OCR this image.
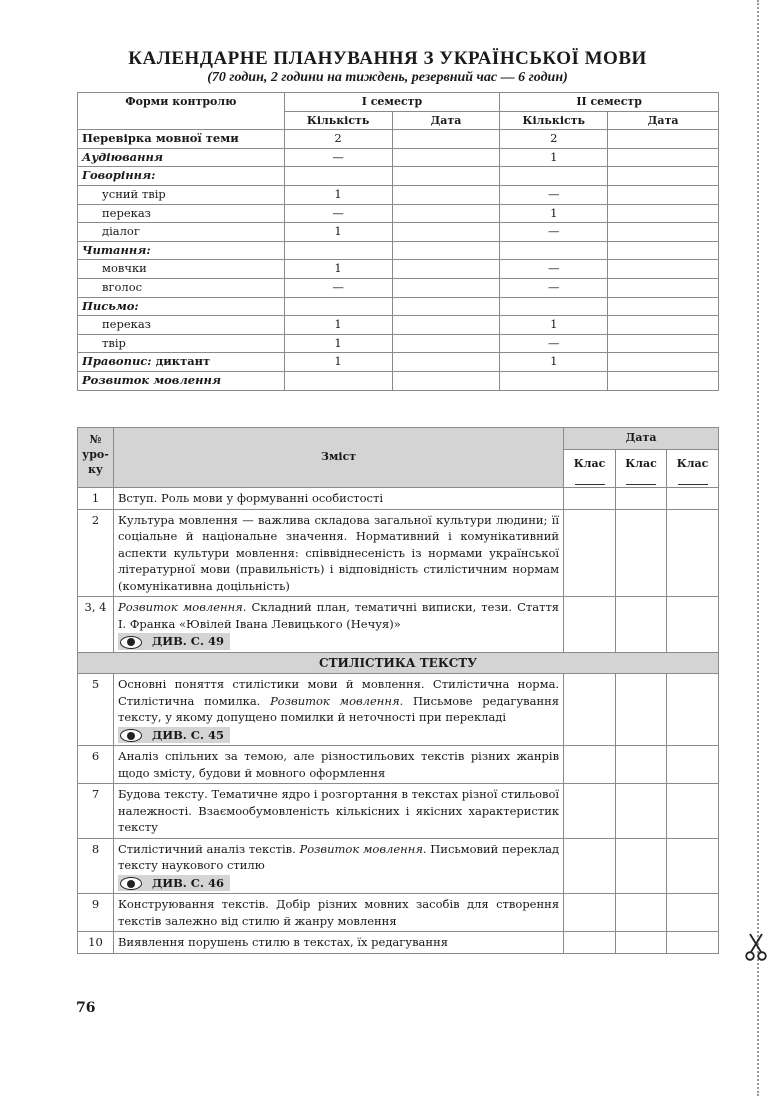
КАЛЕНДАРНЕ ПЛАНУВАННЯ З УКРАЇНСЬКОЇ МОВИ
(70 годин, 2 години на тиждень, резервний час — 6 годин)
Форми контролю	І семестр		ІІ семестр	
	Кількість	Дата	Кількість	Дата
Перевірка мовної теми	2		2	
Аудіювання	—		1	
Говоріння:				
усний твір	1		—	
переказ	—		1	
діалог	1		—	
Читання:				
мовчки	1		—	
вголос	—		—	
Письмо:				
переказ	1		1	
твір	1		—	
Правопис: диктант	1		1	
Розвиток мовлення				
№ уро-ку	Зміст	Дата		
		Клас	Клас	Клас

1	Вступ. Роль мови у формуванні особистості			
2	Культура мовлення — важлива складова загальної культури людини; її соціальне й національне значення. Нормативний і комунікативний аспекти культури мовлення: співвіднесеність із нормами української літературної мови (правильність) і відповідність стилістичним нормам (комунікативна доцільність)			
3, 4	Розвиток мовлення. Складний план, тематичні виписки, тези. Стаття І. Франка «Ювілей Івана Левицького (Нечуя)»
ДИВ. С. 49			
СТИЛІСТИКА ТЕКСТУ				
5	Основні поняття стилістики мови й мовлення. Стилістична норма. Стилістична помилка. Розвиток мовлення. Письмове редагування тексту, у якому допущено помилки й неточності при перекладі
ДИВ. С. 45			
6	Аналіз спільних за темою, але різностильових текстів різних жанрів щодо змісту, будови й мовного оформлення			
7	Будова тексту. Тематичне ядро і розгортання в текстах різної стильової належності. Взаємообумовленість кількісних і якісних характеристик тексту			
8	Стилістичний аналіз текстів. Розвиток мовлення. Письмовий переклад тексту наукового стилю
ДИВ. С. 46			
9	Конструювання текстів. Добір різних мовних засобів для створення текстів залежно від стилю й жанру мовлення			
10	Виявлення порушень стилю в текстах, їх редагування			
76
